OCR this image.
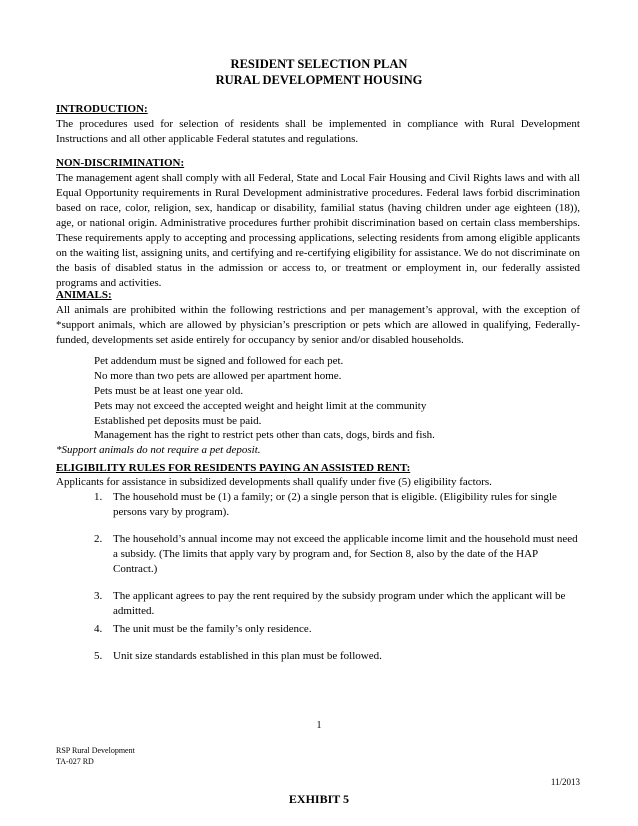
RESIDENT SELECTION PLAN
RURAL DEVELOPMENT HOUSING
INTRODUCTION:
The procedures used for selection of residents shall be implemented in compliance with Rural Development Instructions and all other applicable Federal statutes and regulations.
NON-DISCRIMINATION:
The management agent shall comply with all Federal, State and Local Fair Housing and Civil Rights laws and with all Equal Opportunity requirements in Rural Development administrative procedures. Federal laws forbid discrimination based on race, color, religion, sex, handicap or disability, familial status (having children under age eighteen (18)), age, or national origin. Administrative procedures further prohibit discrimination based on certain class memberships. These requirements apply to accepting and processing applications, selecting residents from among eligible applicants on the waiting list, assigning units, and certifying and re-certifying eligibility for assistance. We do not discriminate on the basis of disabled status in the admission or access to, or treatment or employment in, our federally assisted programs and activities.
ANIMALS:
All animals are prohibited within the following restrictions and per management’s approval, with the exception of *support animals, which are allowed by physician’s prescription or pets which are allowed in qualifying, Federally-funded, developments set aside entirely for occupancy by senior and/or disabled households.
Pet addendum must be signed and followed for each pet.
No more than two pets are allowed per apartment home.
Pets must be at least one year old.
Pets may not exceed the accepted weight and height limit at the community
Established pet deposits must be paid.
Management has the right to restrict pets other than cats, dogs, birds and fish.
*Support animals do not require a pet deposit.
ELIGIBILITY RULES FOR RESIDENTS PAYING AN ASSISTED RENT:
Applicants for assistance in subsidized developments shall qualify under five (5) eligibility factors.
1. The household must be (1) a family; or (2) a single person that is eligible. (Eligibility rules for single persons vary by program).
2. The household’s annual income may not exceed the applicable income limit and the household must need a subsidy. (The limits that apply vary by program and, for Section 8, also by the date of the HAP Contract.)
3. The applicant agrees to pay the rent required by the subsidy program under which the applicant will be admitted.
4. The unit must be the family’s only residence.
5. Unit size standards established in this plan must be followed.
1
RSP Rural Development
TA-027 RD
11/2013
EXHIBIT 5
